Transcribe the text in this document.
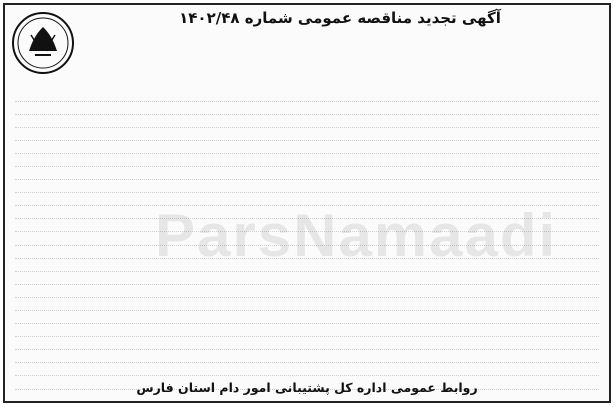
آگهی تجدید مناقصه عمومی شماره ۱۴۰۲/۴۸
ParsNamaadi
روابط عمومی اداره کل پشتیبانی امور دام استان فارس
